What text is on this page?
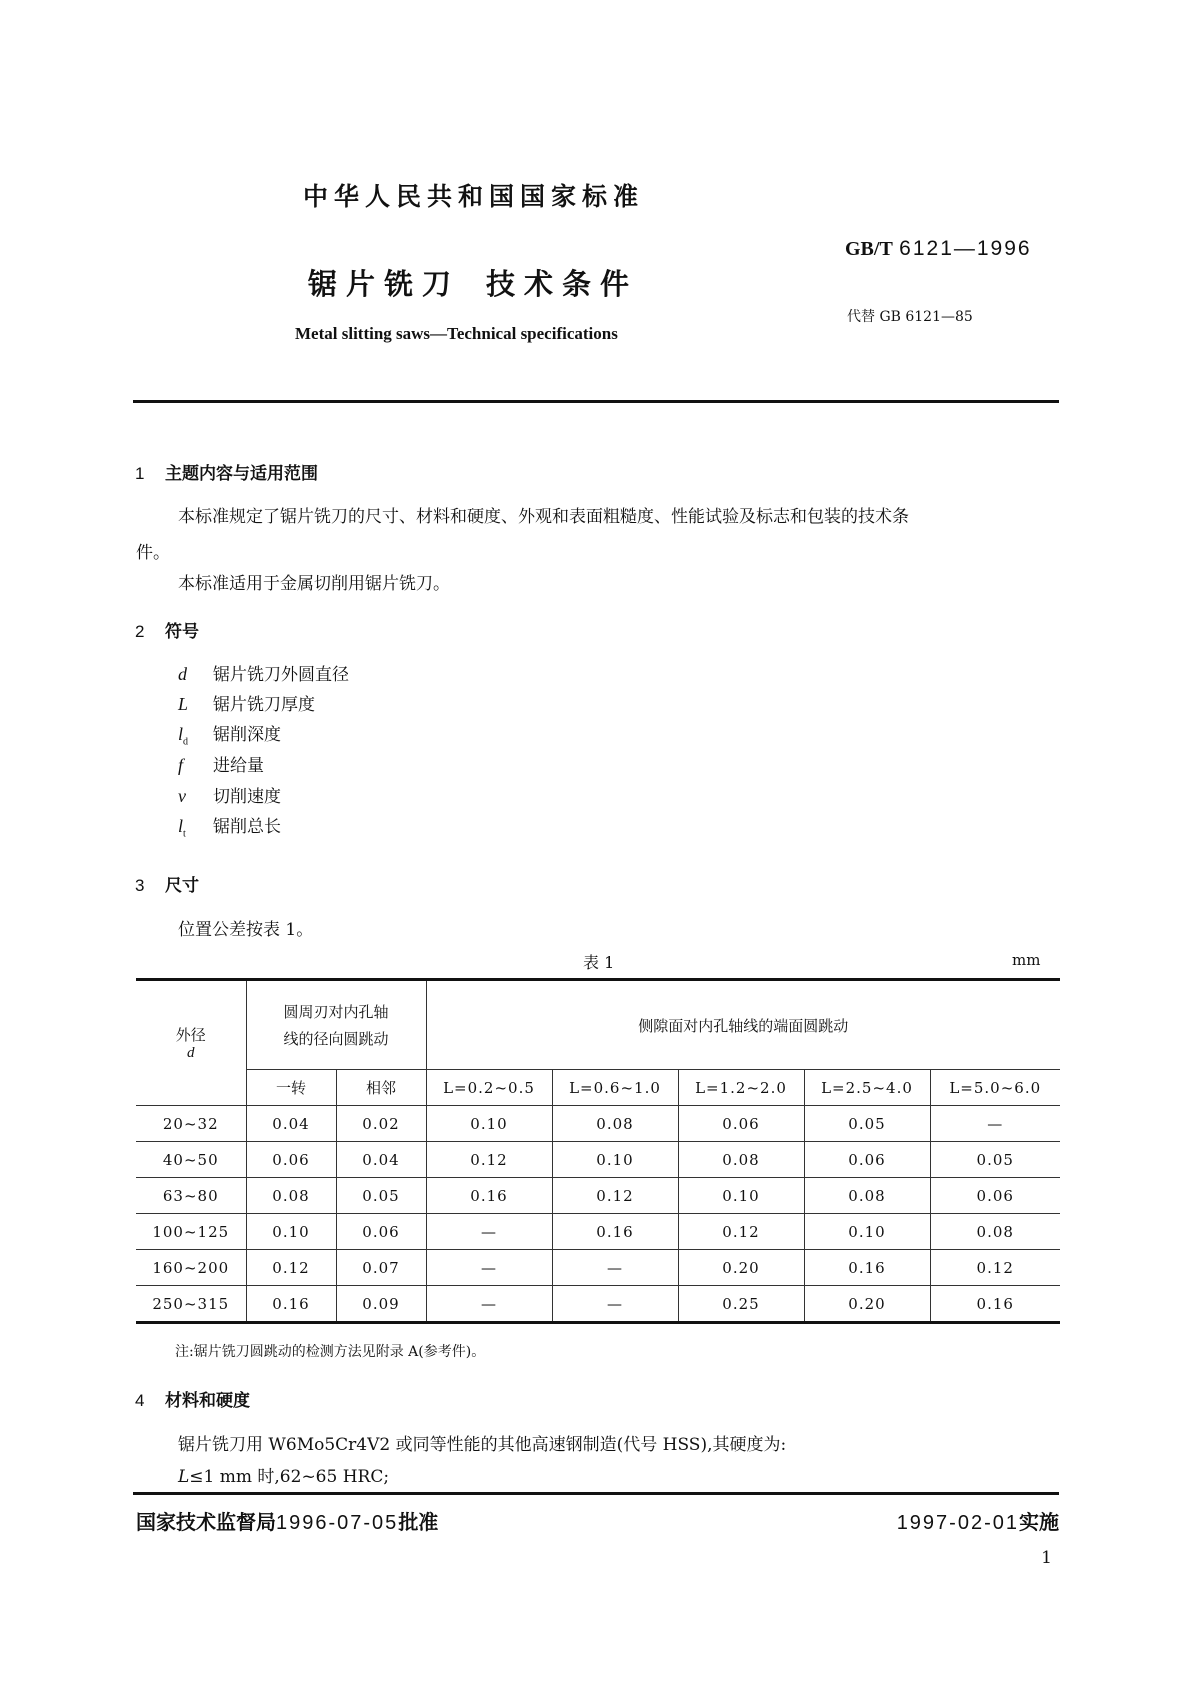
中华人民共和国国家标准
锯片铣刀 技术条件
Metal slitting saws—Technical specifications
GB/T 6121—1996
代替 GB 6121—85
1 主题内容与适用范围
本标准规定了锯片铣刀的尺寸、材料和硬度、外观和表面粗糙度、性能试验及标志和包装的技术条
件。
本标准适用于金属切削用锯片铣刀。
2 符号
d 锯片铣刀外圆直径
L 锯片铣刀厚度
$l_d$ 锯削深度
f 进给量
v 切削速度
$l_t$ 锯削总长
3 尺寸
位置公差按表 1。
表 1	mm
外径
d

圆周刃对内孔轴
线的径向圆跳动
	侧隙面对内孔轴线的端面圆跳动
	一转	相邻	L=0.2~0.5	L=0.6~1.0	L=1.2~2.0	L=2.5~4.0	L=5.0~6.0
20~32	0.04	0.02	0.10	0.08	0.06	0.05	—
40~50	0.06	0.04	0.12	0.10	0.08	0.06	0.05
63~80	0.08	0.05	0.16	0.12	0.10	0.08	0.06
100~125	0.10	0.06	—	0.16	0.12	0.10	0.08
160~200	0.12	0.07	—	—	0.20	0.16	0.12
250~315	0.16	0.09	—	—	0.25	0.20	0.16
注:锯片铣刀圆跳动的检测方法见附录 A(参考件)。
4 材料和硬度
锯片铣刀用 W6Mo5Cr4V2 或同等性能的其他高速钢制造(代号 HSS),其硬度为:
L≤1 mm 时,62~65 HRC;
国家技术监督局1996-07-05批准	1997-02-01实施
1
